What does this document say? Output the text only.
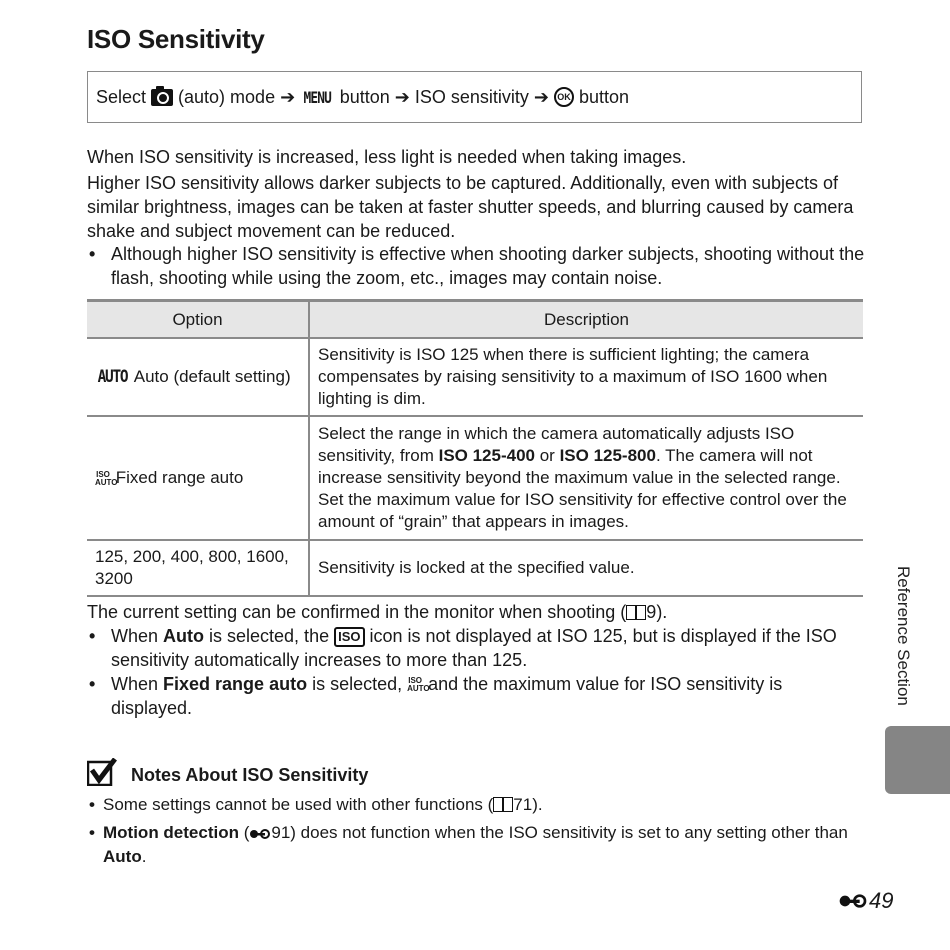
ISO Sensitivity
Select (auto) mode ➔ MENU button ➔ ISO sensitivity ➔ OK button
When ISO sensitivity is increased, less light is needed when taking images.
Higher ISO sensitivity allows darker subjects to be captured. Additionally, even with subjects of similar brightness, images can be taken at faster shutter speeds, and blurring caused by camera shake and subject movement can be reduced.
• Although higher ISO sensitivity is effective when shooting darker subjects, shooting without the flash, shooting while using the zoom, etc., images may contain noise.
Option	Description
AUTO Auto (default setting)	Sensitivity is ISO 125 when there is sufficient lighting; the camera compensates by raising sensitivity to a maximum of ISO 1600 when lighting is dim.
ISO AUTO Fixed range auto	Select the range in which the camera automatically adjusts ISO sensitivity, from ISO 125-400 or ISO 125-800. The camera will not increase sensitivity beyond the maximum value in the selected range. Set the maximum value for ISO sensitivity for effective control over the amount of “grain” that appears in images.
125, 200, 400, 800, 1600, 3200	Sensitivity is locked at the specified value.
The current setting can be confirmed in the monitor when shooting ( 9).
• When Auto is selected, the ISO icon is not displayed at ISO 125, but is displayed if the ISO sensitivity automatically increases to more than 125.
• When Fixed range auto is selected, ISO AUTO and the maximum value for ISO sensitivity is displayed.
Notes About ISO Sensitivity
• Some settings cannot be used with other functions ( 71).
• Motion detection ( 91) does not function when the ISO sensitivity is set to any setting other than Auto.
Reference Section
49
